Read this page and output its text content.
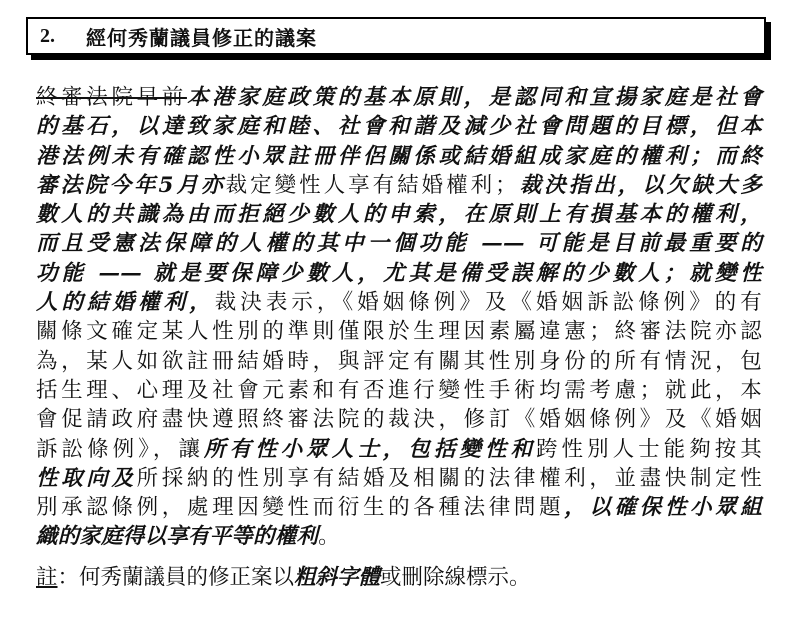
2.	經何秀蘭議員修正的議案
終審法院早前本港家庭政策的基本原則，是認同和宣揚家庭是社會
的基石，以達致家庭和睦、社會和諧及減少社會問題的目標，但本
港法例未有確認性小眾註冊伴侶關係或結婚組成家庭的權利；而終
審法院今年5月亦裁定變性人享有結婚權利；裁決指出，以欠缺大多
數人的共識為由而拒絕少數人的申索，在原則上有損基本的權利，
而且受憲法保障的人權的其中一個功能 —— 可能是目前最重要的
功能 —— 就是要保障少數人，尤其是備受誤解的少數人；就變性
人的結婚權利，裁決表示，《婚姻條例》及《婚姻訴訟條例》的有
關條文確定某人性別的準則僅限於生理因素屬違憲；終審法院亦認
為，某人如欲註冊結婚時，與評定有關其性別身份的所有情況，包
括生理、心理及社會元素和有否進行變性手術均需考慮；就此，本
會促請政府盡快遵照終審法院的裁決，修訂《婚姻條例》及《婚姻
訴訟條例》，讓所有性小眾人士，包括變性和跨性別人士能夠按其
性取向及所採納的性別享有結婚及相關的法律權利，並盡快制定性
別承認條例，處理因變性而衍生的各種法律問題，以確保性小眾組
織的家庭得以享有平等的權利。
註：何秀蘭議員的修正案以粗斜字體或刪除線標示。
